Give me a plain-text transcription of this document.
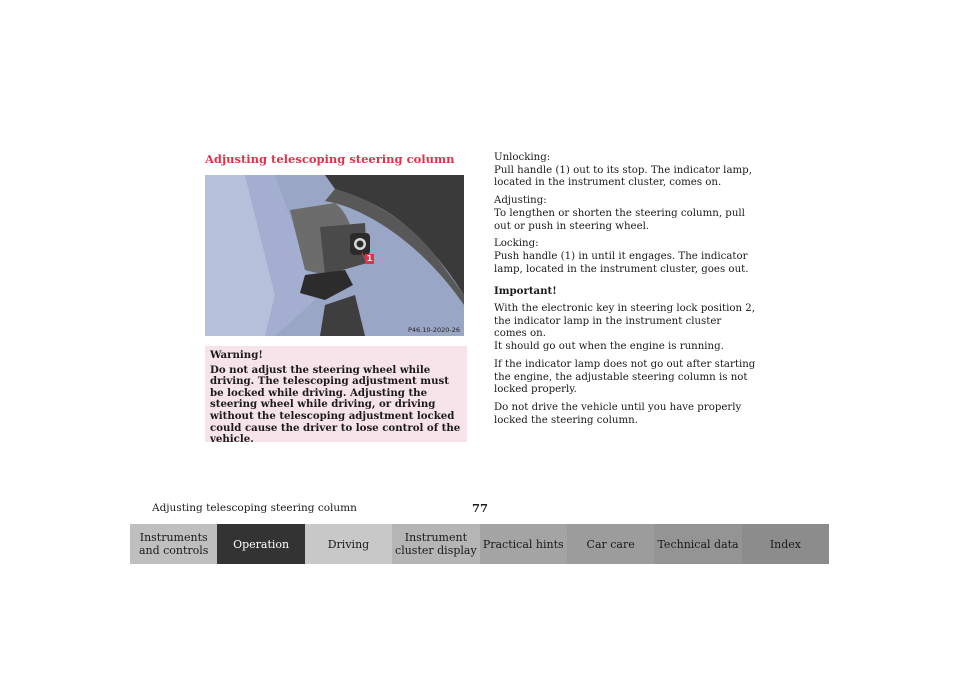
Adjusting telescoping steering column
1
P46.10-2020-26
Warning!
Do not adjust the steering wheel while driving. The telescoping adjustment must be locked while driving. Adjusting the steering wheel while driving, or driving without the telescoping adjustment locked could cause the driver to lose control of the vehicle.

Unlocking:
Pull handle (1) out to its stop. The indicator lamp, located in the instrument cluster, comes on.

Adjusting:
To lengthen or shorten the steering column, pull out or push in steering wheel.

Locking:
Push handle (1) in until it engages. The indicator lamp, located in the instrument cluster, goes out.

Important!

With the electronic key in steering lock position 2, the indicator lamp in the instrument cluster comes on.
It should go out when the engine is running.

If the indicator lamp does not go out after starting the engine, the adjustable steering column is not locked properly.

Do not drive the vehicle until you have properly locked the steering column.

Adjusting telescoping steering column	77
Instruments and controls	Operation	Driving	Instrument cluster display Practical hints	Car care	Technical data	Index
